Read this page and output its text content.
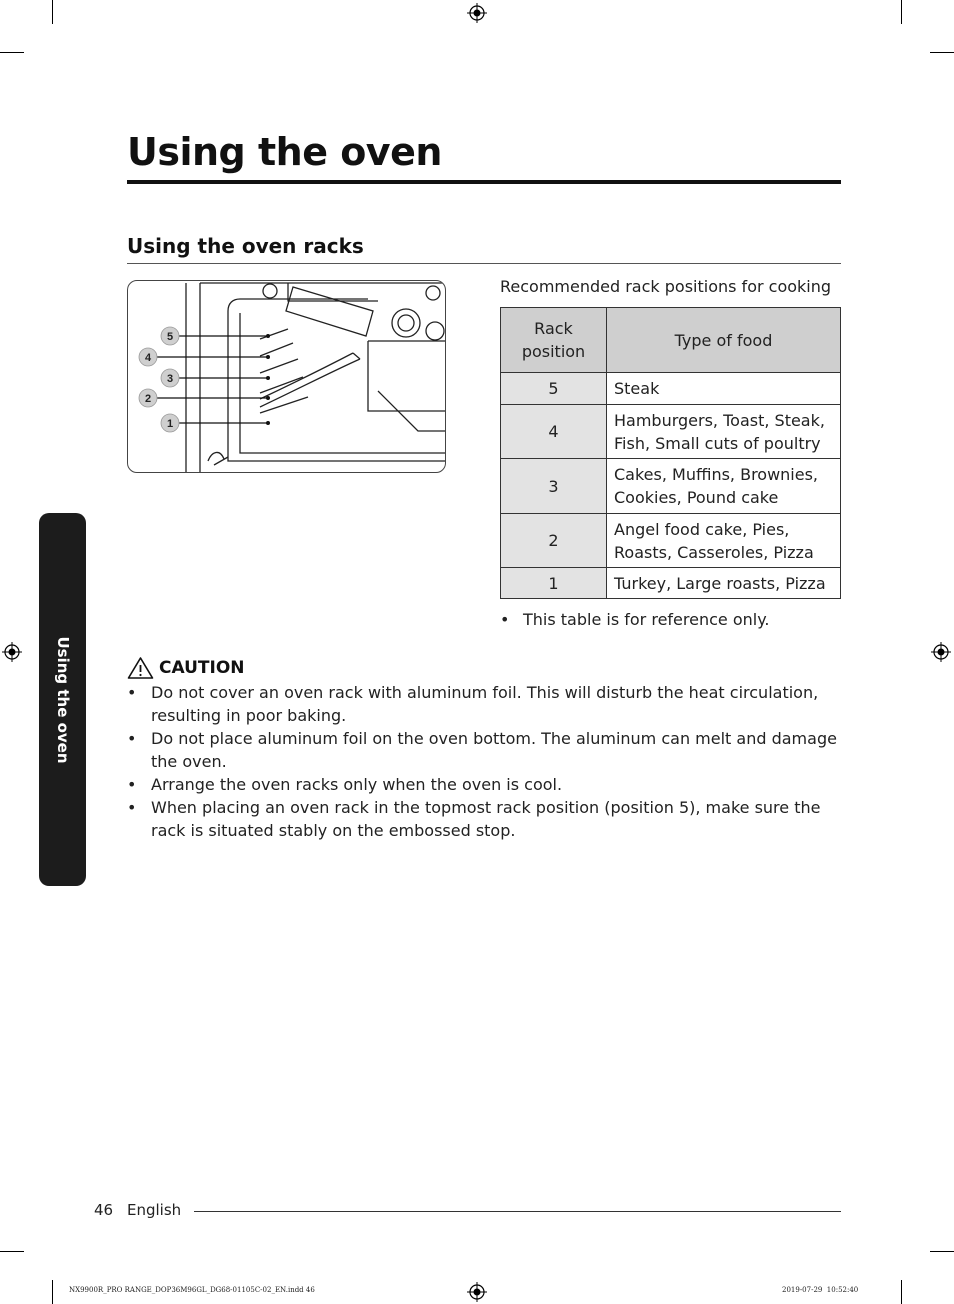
Using the oven
Using the oven racks
5
4
3
2
1
Recommended rack positions for cooking
Rack position	Type of food
5	Steak
4	Hamburgers, Toast, Steak, Fish, Small cuts of poultry
3	Cakes, Muffins, Brownies, Cookies, Pound cake
2	Angel food cake, Pies, Roasts, Casseroles, Pizza
1	Turkey, Large roasts, Pizza
• This table is for reference only.
CAUTION
• Do not cover an oven rack with aluminum foil. This will disturb the heat circulation, resulting in poor baking.
• Do not place aluminum foil on the oven bottom. The aluminum can melt and damage the oven.
• Arrange the oven racks only when the oven is cool.
• When placing an oven rack in the topmost rack position (position 5), make sure the rack is situated stably on the embossed stop.
Using the oven
46 English
NX9900R_PRO RANGE_DOP36M96GL_DG68-01105C-02_EN.indd 46	2019-07-29 ￼ 10:52:40
